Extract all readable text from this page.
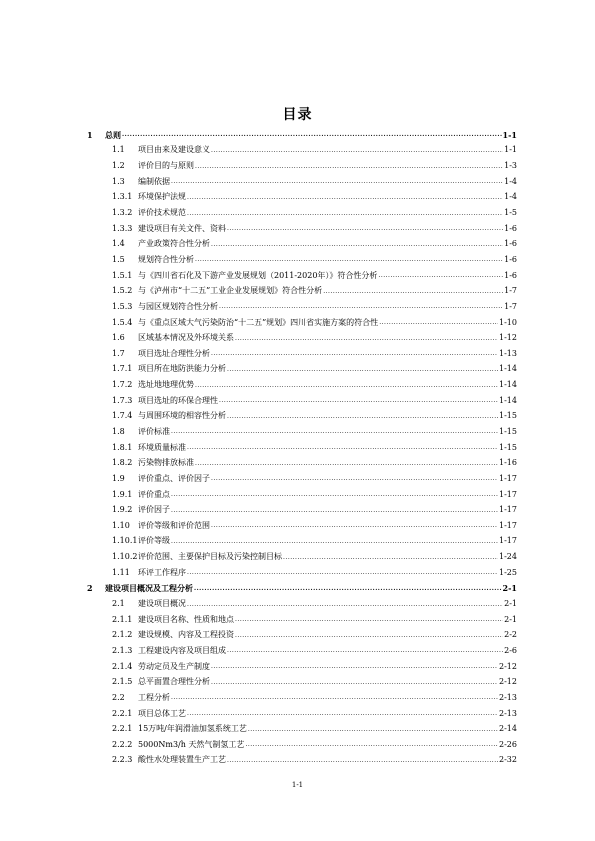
目录
1	总则 .....	1-1
1.1	项目由来及建设意义 .....	1-1
1.2	评价目的与原则 .....	1-3
1.3	编制依据 .....	1-4
1.3.1 环境保护法规 .....	1-4
1.3.2 评价技术规范 .....	1-5
1.3.3 建设项目有关文件、资料 .....	1-6
1.4	产业政策符合性分析 .....	1-6
1.5	规划符合性分析 .....	1-6
1.5.1 与《四川省石化及下游产业发展规划（2011-2020年）》符合性分析 .....	1-6
1.5.2 与《泸州市“十二五”工业企业发展规划》符合性分析 .....	1-7
1.5.3 与园区规划符合性分析 .....	1-7
1.5.4 与《重点区域大气污染防治“十二五”规划》四川省实施方案的符合性 .....	1-10
1.6	区域基本情况及外环境关系 .....	1-12
1.7	项目选址合理性分析 .....	1-13
1.7.1 项目所在地防洪能力分析 .....	1-14
1.7.2 选址地地理优势 .....	1-14
1.7.3 项目选址的环保合理性 .....	1-14
1.7.4 与周围环境的相容性分析 .....	1-15
1.8	评价标准 .....	1-15
1.8.1 环境质量标准 .....	1-15
1.8.2 污染物排放标准 .....	1-16
1.9	评价重点、评价因子 .....	1-17
1.9.1 评价重点 .....	1-17
1.9.2 评价因子 .....	1-17
1.10	评价等级和评价范围 .....	1-17
1.10.1 评价等级 .....	1-17
1.10.2 评价范围、主要保护目标及污染控制目标 .....	1-24
1.11	环评工作程序 .....	1-25
2	建设项目概况及工程分析 .....	2-1
2.1	建设项目概况 .....	2-1
2.1.1 建设项目名称、性质和地点 .....	2-1
2.1.2 建设规模、内容及工程投资 .....	2-2
2.1.3 工程建设内容及项目组成 .....	2-6
2.1.4 劳动定员及生产制度 .....	2-12
2.1.5 总平面置合理性分析 .....	2-12
2.2	工程分析 .....	2-13
2.2.1 项目总体工艺 .....	2-13
2.2.1 15万吨/年润滑油加氢系统工艺 .....	2-14
2.2.2 5000Nm3/h 天然气制氢工艺 .....	2-26
2.2.3 酸性水处理装置生产工艺 .....	2-32
1-1
